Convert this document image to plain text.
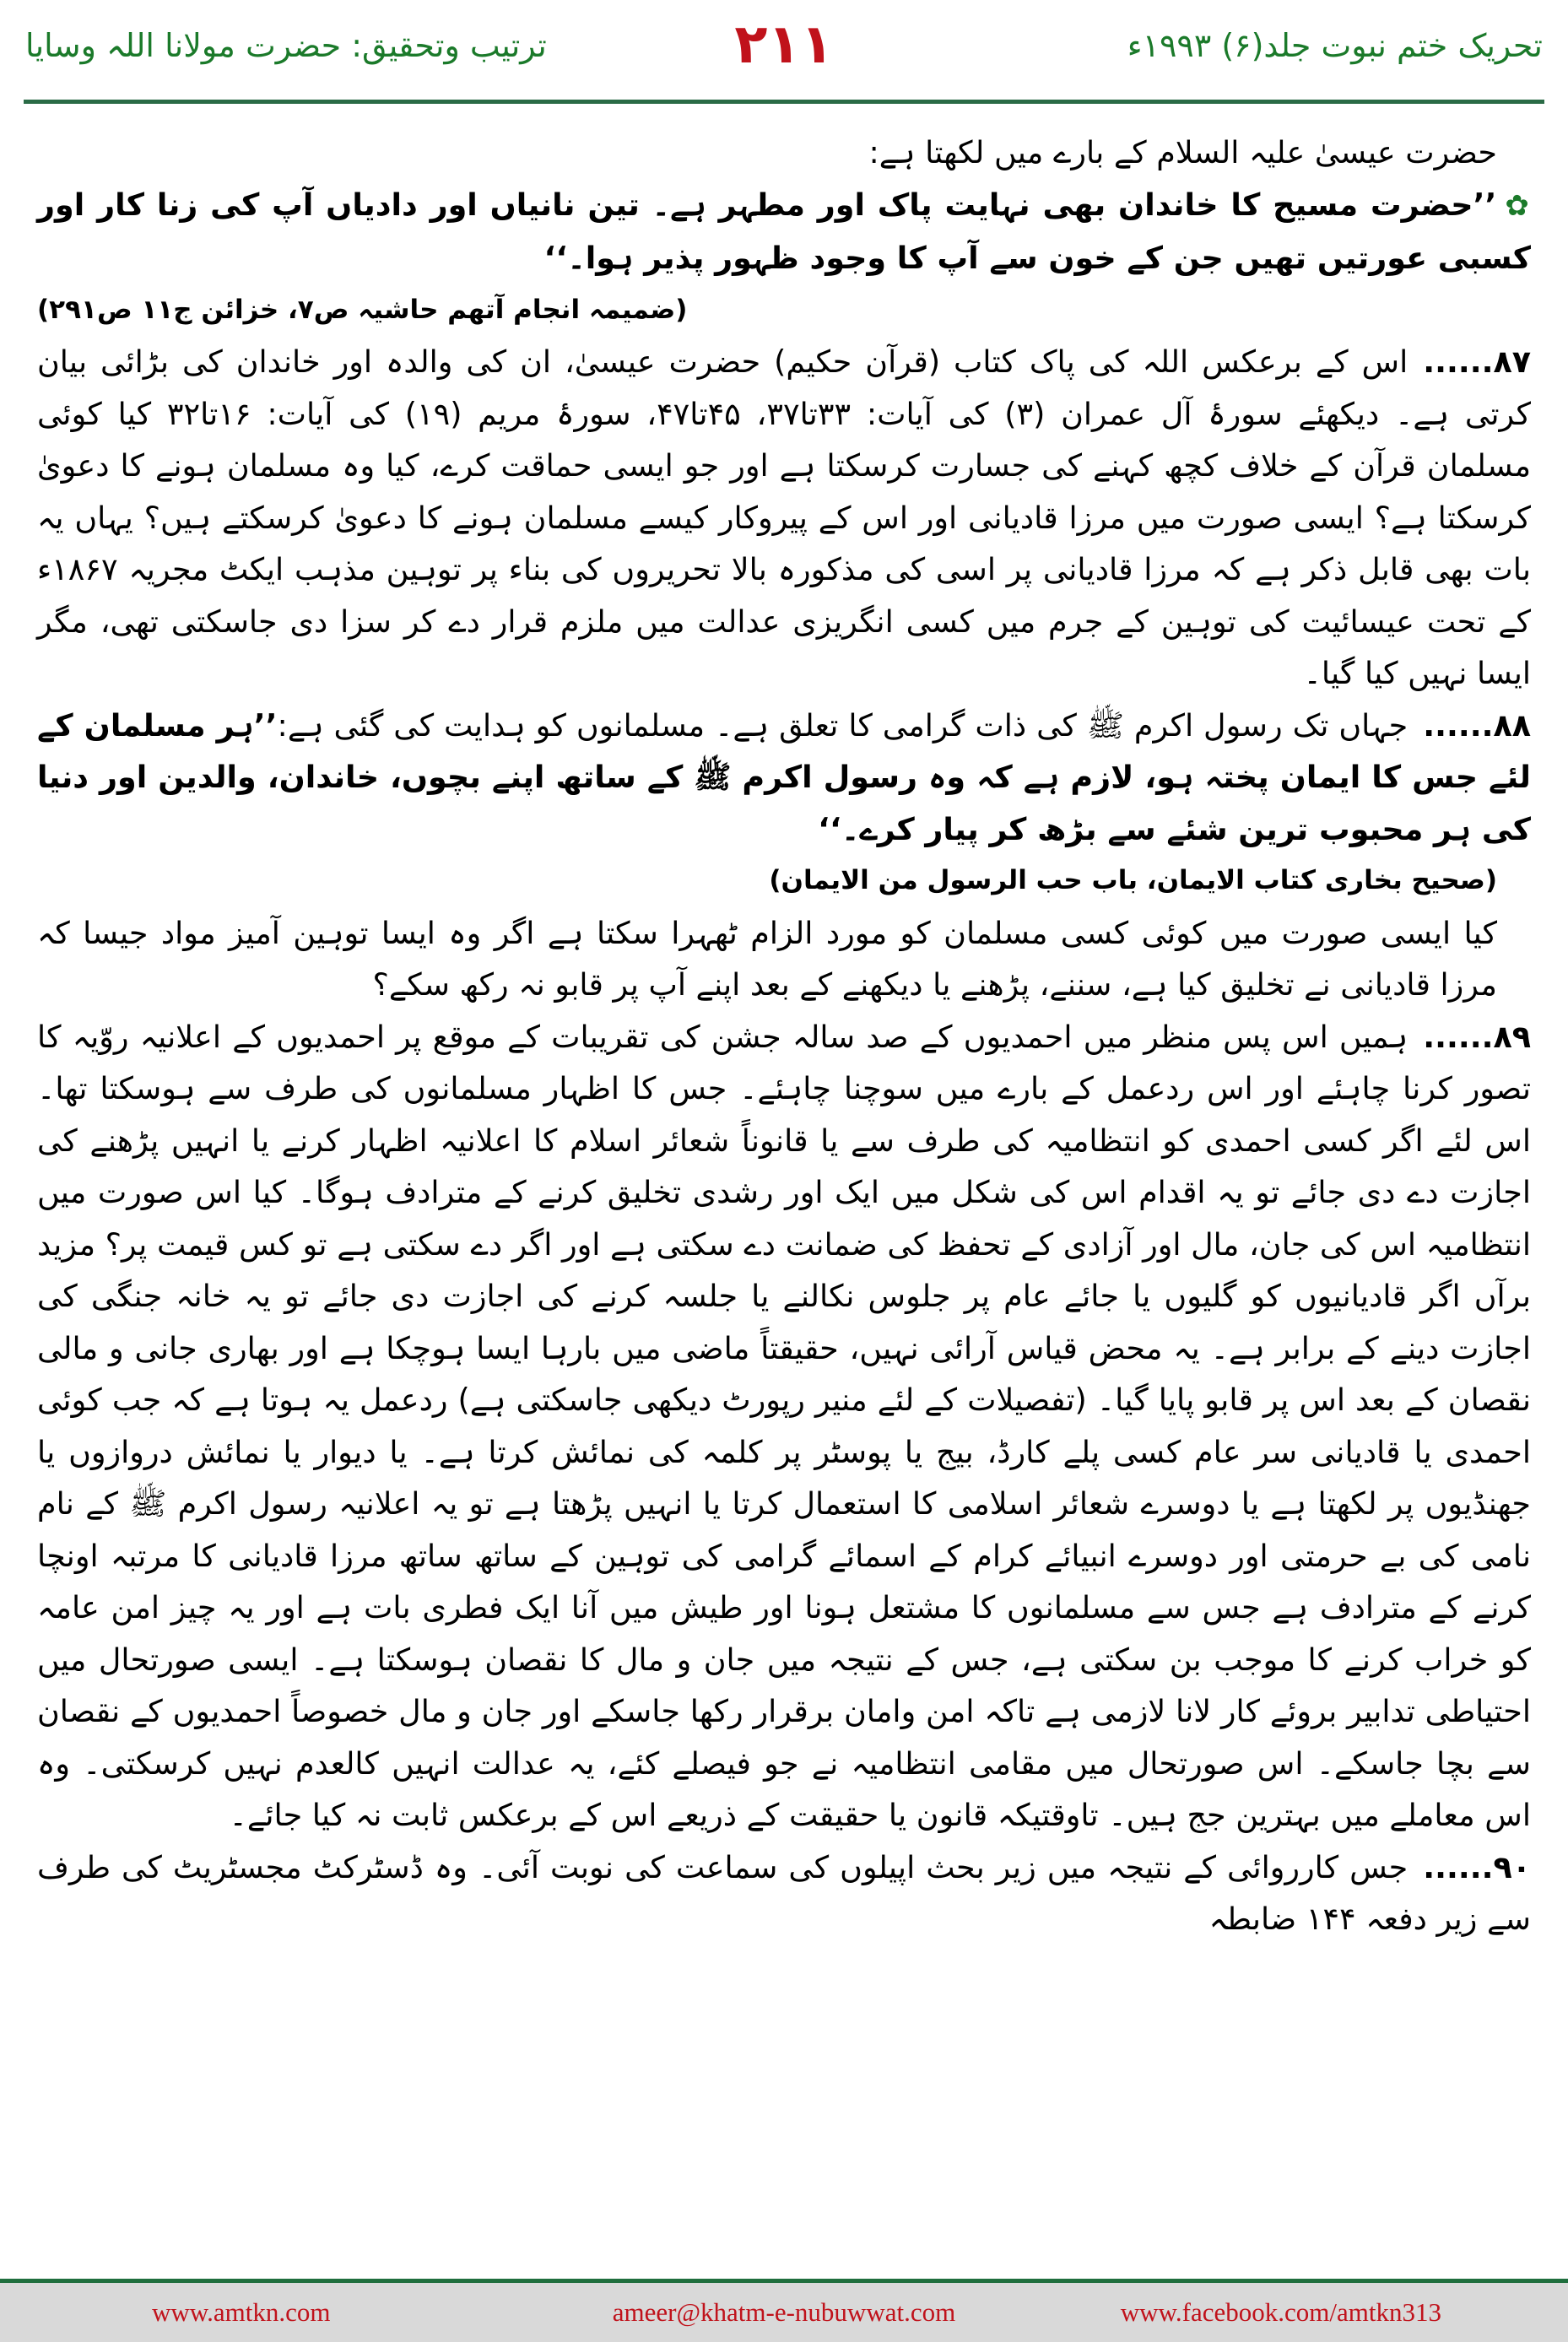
ترتیب وتحقیق: حضرت مولانا اللہ وسایا	۲۱۱	تحریک ختم نبوت جلد(۶) ۱۹۹۳ء

حضرت عیسیٰ علیہ السلام کے بارے میں لکھتا ہے:

✿’’حضرت مسیح کا خاندان بھی نہایت پاک اور مطہر ہے۔ تین نانیاں اور دادیاں آپ کی زنا کار اور کسبی عورتیں تھیں جن کے خون سے آپ کا وجود ظہور پذیر ہوا۔‘‘

(ضمیمہ انجام آتھم حاشیہ ص۷، خزائن ج۱۱ ص۲۹۱)

۸۷......اس کے برعکس اللہ کی پاک کتاب (قرآن حکیم) حضرت عیسیٰ، ان کی والدہ اور خاندان کی بڑائی بیان کرتی ہے۔ دیکھئے سورۂ آل عمران (۳) کی آیات: ۳۳تا۳۷، ۴۵تا۴۷، سورۂ مریم (۱۹) کی آیات: ۱۶تا۳۲ کیا کوئی مسلمان قرآن کے خلاف کچھ کہنے کی جسارت کرسکتا ہے اور جو ایسی حماقت کرے، کیا وہ مسلمان ہونے کا دعویٰ کرسکتا ہے؟ ایسی صورت میں مرزا قادیانی اور اس کے پیروکار کیسے مسلمان ہونے کا دعویٰ کرسکتے ہیں؟ یہاں یہ بات بھی قابل ذکر ہے کہ مرزا قادیانی پر اسی کی مذکورہ بالا تحریروں کی بناء پر توہین مذہب ایکٹ مجریہ ۱۸۶۷ء کے تحت عیسائیت کی توہین کے جرم میں کسی انگریزی عدالت میں ملزم قرار دے کر سزا دی جاسکتی تھی، مگر ایسا نہیں کیا گیا۔

۸۸......جہاں تک رسول اکرم ﷺ کی ذات گرامی کا تعلق ہے۔ مسلمانوں کو ہدایت کی گئی ہے:’’ہر مسلمان کے لئے جس کا ایمان پختہ ہو، لازم ہے کہ وہ رسول اکرم ﷺ کے ساتھ اپنے بچوں، خاندان، والدین اور دنیا کی ہر محبوب ترین شئے سے بڑھ کر پیار کرے۔‘‘

(صحیح بخاری کتاب الایمان، باب حب الرسول من الایمان)

کیا ایسی صورت میں کوئی کسی مسلمان کو مورد الزام ٹھہرا سکتا ہے اگر وہ ایسا توہین آمیز مواد جیسا کہ مرزا قادیانی نے تخلیق کیا ہے، سننے، پڑھنے یا دیکھنے کے بعد اپنے آپ پر قابو نہ رکھ سکے؟

۸۹......ہمیں اس پس منظر میں احمدیوں کے صد سالہ جشن کی تقریبات کے موقع پر احمدیوں کے اعلانیہ روّیہ کا تصور کرنا چاہئے اور اس ردعمل کے بارے میں سوچنا چاہئے۔ جس کا اظہار مسلمانوں کی طرف سے ہوسکتا تھا۔ اس لئے اگر کسی احمدی کو انتظامیہ کی طرف سے یا قانوناً شعائر اسلام کا اعلانیہ اظہار کرنے یا انہیں پڑھنے کی اجازت دے دی جائے تو یہ اقدام اس کی شکل میں ایک اور رشدی تخلیق کرنے کے مترادف ہوگا۔ کیا اس صورت میں انتظامیہ اس کی جان، مال اور آزادی کے تحفظ کی ضمانت دے سکتی ہے اور اگر دے سکتی ہے تو کس قیمت پر؟ مزید برآں اگر قادیانیوں کو گلیوں یا جائے عام پر جلوس نکالنے یا جلسہ کرنے کی اجازت دی جائے تو یہ خانہ جنگی کی اجازت دینے کے برابر ہے۔ یہ محض قیاس آرائی نہیں، حقیقتاً ماضی میں بارہا ایسا ہوچکا ہے اور بھاری جانی و مالی نقصان کے بعد اس پر قابو پایا گیا۔ (تفصیلات کے لئے منیر رپورٹ دیکھی جاسکتی ہے) ردعمل یہ ہوتا ہے کہ جب کوئی احمدی یا قادیانی سر عام کسی پلے کارڈ، بیج یا پوسٹر پر کلمہ کی نمائش کرتا ہے۔ یا دیوار یا نمائش دروازوں یا جھنڈیوں پر لکھتا ہے یا دوسرے شعائر اسلامی کا استعمال کرتا یا انہیں پڑھتا ہے تو یہ اعلانیہ رسول اکرم ﷺ کے نام نامی کی بے حرمتی اور دوسرے انبیائے کرام کے اسمائے گرامی کی توہین کے ساتھ ساتھ مرزا قادیانی کا مرتبہ اونچا کرنے کے مترادف ہے جس سے مسلمانوں کا مشتعل ہونا اور طیش میں آنا ایک فطری بات ہے اور یہ چیز امن عامہ کو خراب کرنے کا موجب بن سکتی ہے، جس کے نتیجہ میں جان و مال کا نقصان ہوسکتا ہے۔ ایسی صورتحال میں احتیاطی تدابیر بروئے کار لانا لازمی ہے تاکہ امن وامان برقرار رکھا جاسکے اور جان و مال خصوصاً احمدیوں کے نقصان سے بچا جاسکے۔ اس صورتحال میں مقامی انتظامیہ نے جو فیصلے کئے، یہ عدالت انہیں کالعدم نہیں کرسکتی۔ وہ اس معاملے میں بہترین جج ہیں۔ تاوقتیکہ قانون یا حقیقت کے ذریعے اس کے برعکس ثابت نہ کیا جائے۔

۹۰......جس کارروائی کے نتیجہ میں زیر بحث اپیلوں کی سماعت کی نوبت آئی۔ وہ ڈسٹرکٹ مجسٹریٹ کی طرف سے زیر دفعہ ۱۴۴ ضابطہ

www.amtkn.com	ameer@khatm-e-nubuwwat.com	www.facebook.com/amtkn313
